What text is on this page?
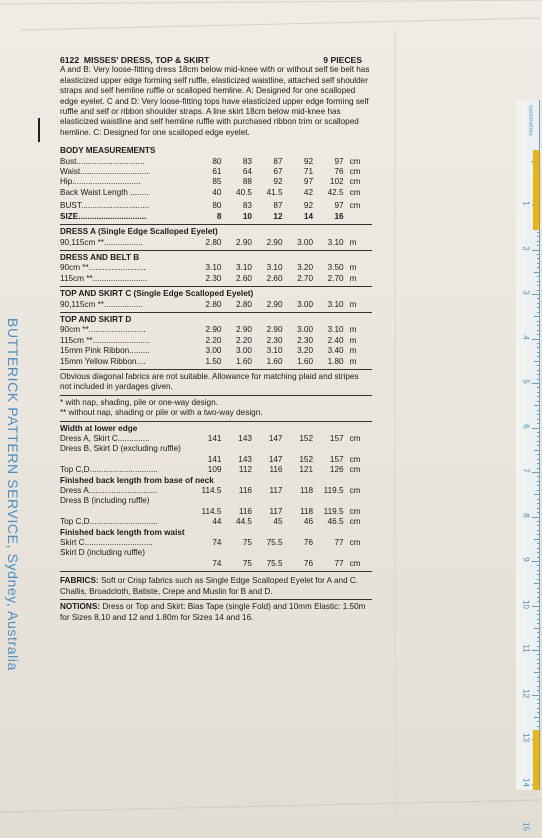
6122 MISSES' DRESS, TOP & SKIRT	9 PIECES

A and B: Very loose-fitting dress 18cm below mid-knee with or without self tie belt has elasticized upper edge forming self ruffle, elasticized waistline, attached self shoulder straps and self hemline ruffle or scalloped hemline. A: Designed for one scalloped edge eyelet. C and D: Very loose-fitting tops have elasticized upper edge forming self ruffle and self or ribbon shoulder straps. A line skirt 18cm below mid-knee has elasticized waistline and self hemline ruffle with purchased ribbon trim or scalloped hemline. C: Designed for one scalloped edge eyelet.

BODY MEASUREMENTS
Bust..............................	80	83	87	92	97	cm
Waist..............................	61	64	67	71	76	cm
Hip..............................	85	88	92	97	102	cm
Back Waist Length ........	40	40.5	41.5	42	42.5	cm

BUST..............................	80	83	87	92	97	cm
SIZE..............................	8	10	12	14	16	
DRESS A (Single Edge Scalloped Eyelet)
90,115cm **.................	2.80	2.90	2.90	3.00	3.10	m
DRESS AND BELT B
90cm **.........................	3.10	3.10	3.10	3.20	3.50	m
115cm **........................	2.30	2.60	2.60	2.70	2.70	m
TOP AND SKIRT C (Single Edge Scalloped Eyelet)
90,115cm **.................	2.80	2.80	2.90	3.00	3.10	m
TOP AND SKIRT D
90cm **.........................	2.90	2.90	2.90	3.00	3.10	m
115cm **.........................	2.20	2.20	2.30	2.30	2.40	m
15mm Pink Ribbon.........	3.00	3.00	3.10	3.20	3.40	m
15mm Yellow Ribbon....	1.50	1.60	1.60	1.60	1.80	m

Obvious diagonal fabrics are not suitable. Allowance for matching plaid and stripes not included in yardages given.

* with nap, shading, pile or one-way design.

** without nap, shading or pile or with a two-way design.

Width at lower edge
Dress A, Skirt C..............	141	143	147	152	157	cm
Dress B, Skirt D (excluding ruffle)
	141	143	147	152	157	cm
Top C,D..............................	109	112	116	121	126	cm
Finished back length from base of neck
Dress A..............................	114.5	116	117	118	119.5	cm
Dress B (including ruffle)
	114.5	116	117	118	119.5	cm
Top C,D..............................	44	44.5	45	46	46.5	cm
Finished back length from waist
Skirt C..............................	74	75	75.5	76	77	cm
Skirt D (including ruffle)
	74	75	75.5	76	77	cm

FABRICS: Soft or Crisp fabrics such as Single Edge Scalloped Eyelet for A and C. Challis, Broadcloth, Batiste, Crepe and Muslin for B and D.

NOTIONS: Dress or Top and Skirt: Bias Tape (single Fold) and 10mm Elastic: 1.50m for Sizes 8,10 and 12 and 1.80m for Sizes 14 and 16.

BUTTERICK PATTERN SERVICE, Sydney, Australia
centimetres
1
2
3
4
5
6
7
8
9
10
11
12
13
14
15
